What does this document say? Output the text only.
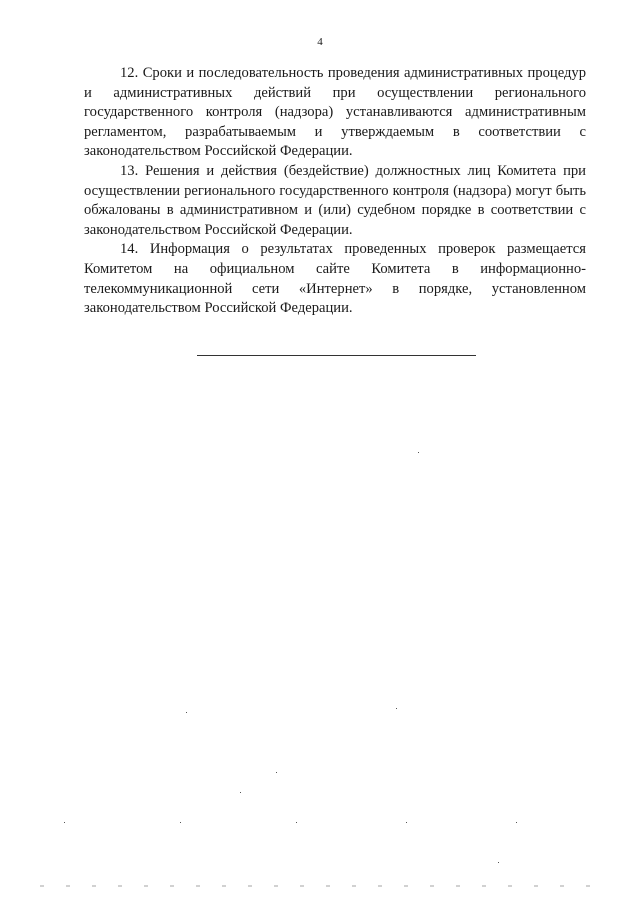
4

12. Сроки и последовательность проведения административных процедур и административных действий при осуществлении регионального государственного контроля (надзора) устанавливаются административным регламентом, разрабатываемым и утверждаемым в соответствии с законодательством Российской Федерации.

13. Решения и действия (бездействие) должностных лиц Комитета при осуществлении регионального государственного контроля (надзора) могут быть обжалованы в административном и (или) судебном порядке в соответствии с законодательством Российской Федерации.

14. Информация о результатах проведенных проверок размещается Комитетом на официальном сайте Комитета в информационно-телекоммуникационной сети «Интернет» в порядке, установленном законодательством Российской Федерации.
